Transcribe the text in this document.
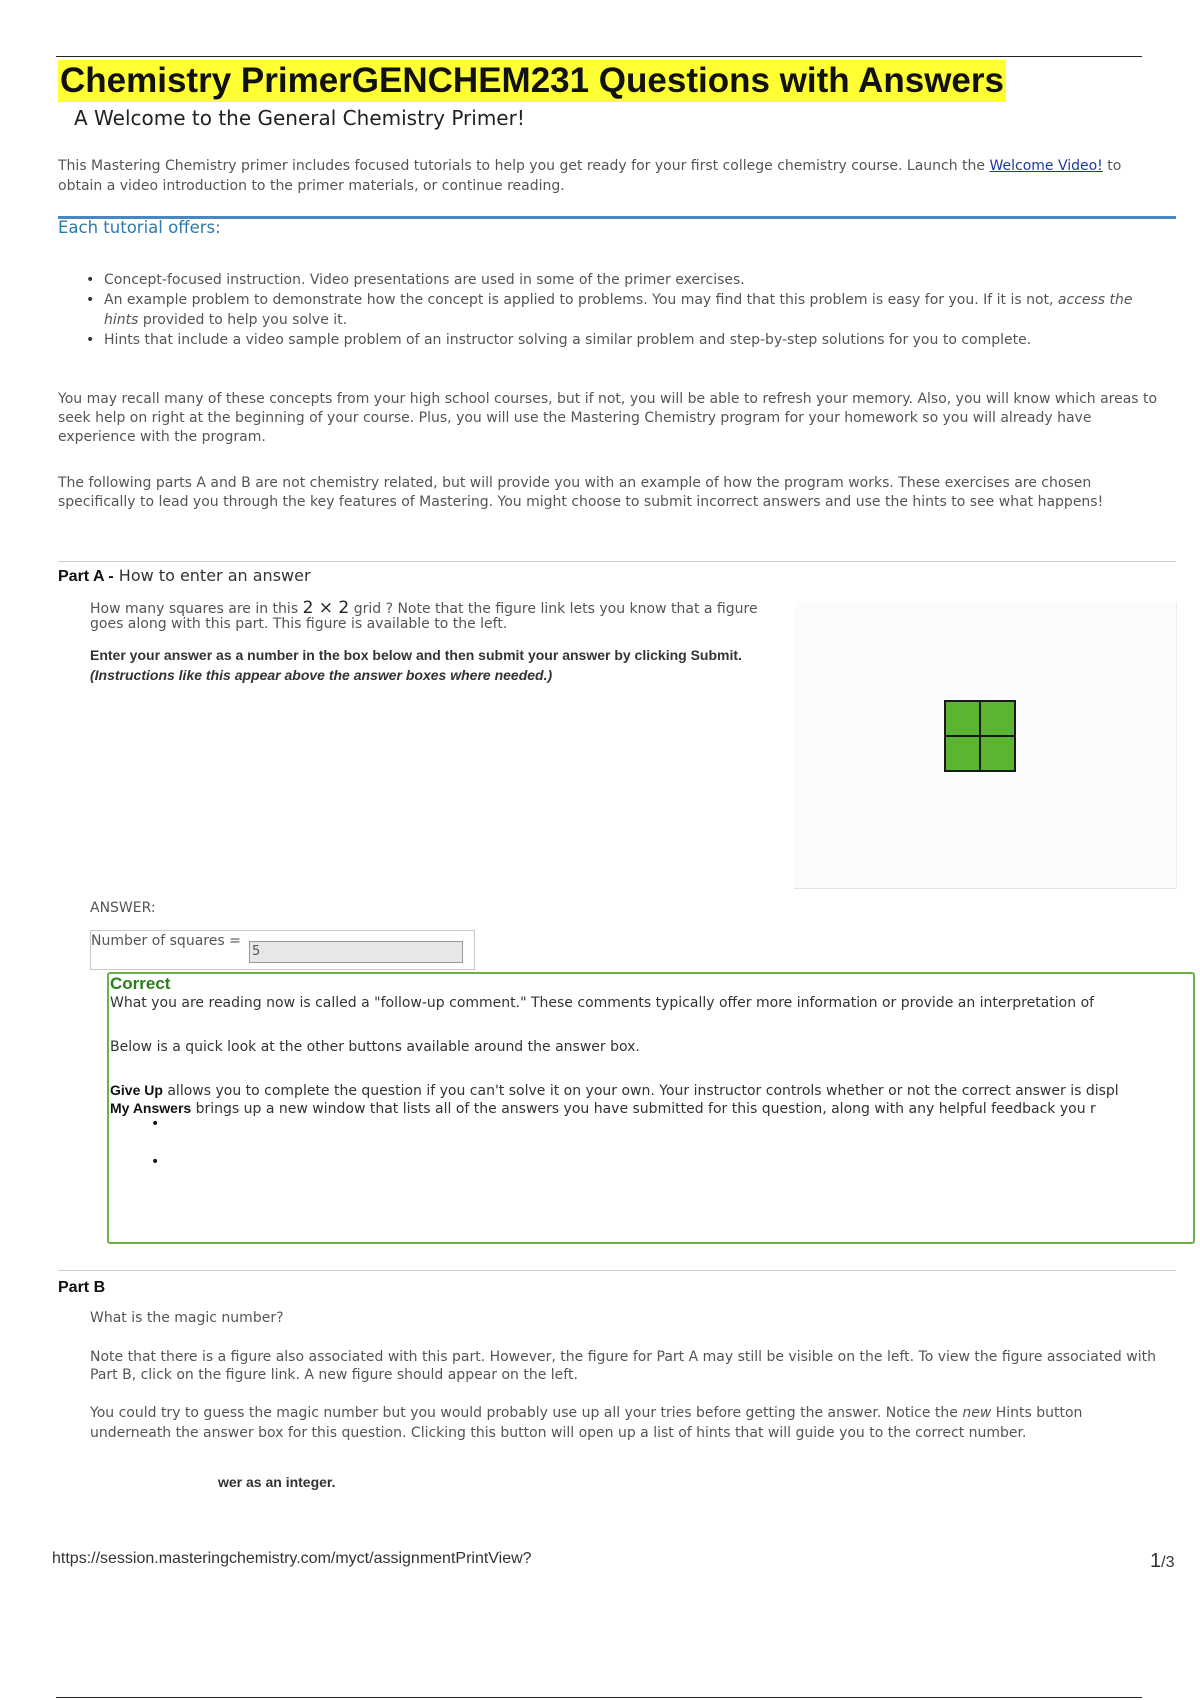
Chemistry PrimerGENCHEM231 Questions with Answers
A Welcome to the General Chemistry Primer!

This Mastering Chemistry primer includes focused tutorials to help you get ready for your first college chemistry course. Launch the Welcome Video! to obtain a video introduction to the primer materials, or continue reading.

Each tutorial offers:
• Concept-focused instruction. Video presentations are used in some of the primer exercises.
• An example problem to demonstrate how the concept is applied to problems. You may find that this problem is easy for you. If it is not, access the hints provided to help you solve it.
• Hints that include a video sample problem of an instructor solving a similar problem and step-by-step solutions for you to complete.

You may recall many of these concepts from your high school courses, but if not, you will be able to refresh your memory. Also, you will know which areas to seek help on right at the beginning of your course. Plus, you will use the Mastering Chemistry program for your homework so you will already have experience with the program.

The following parts A and B are not chemistry related, but will provide you with an example of how the program works. These exercises are chosen specifically to lead you through the key features of Mastering. You might choose to submit incorrect answers and use the hints to see what happens!

Part A - How to enter an answer

How many squares are in this 2 × 2 grid ? Note that the figure link lets you know that a figure goes along with this part. This figure is available to the left.

Enter your answer as a number in the box below and then submit your answer by clicking Submit. (Instructions like this appear above the answer boxes where needed.)

ANSWER:

Number of squares =
5

Correct

What you are reading now is called a "follow-up comment." These comments typically offer more information or provide an interpretation of

Below is a quick look at the other buttons available around the answer box.

Give Up allows you to complete the question if you can't solve it on your own. Your instructor controls whether or not the correct answer is displ

My Answers brings up a new window that lists all of the answers you have submitted for this question, along with any helpful feedback you r

•
•

Part B

What is the magic number?

Note that there is a figure also associated with this part. However, the figure for Part A may still be visible on the left. To view the figure associated with Part B, click on the figure link. A new figure should appear on the left.

You could try to guess the magic number but you would probably use up all your tries before getting the answer. Notice the new Hints button underneath the answer box for this question. Clicking this button will open up a list of hints that will guide you to the correct number.

wer as an integer.

https://session.masteringchemistry.com/myct/assignmentPrintView?	1/3
